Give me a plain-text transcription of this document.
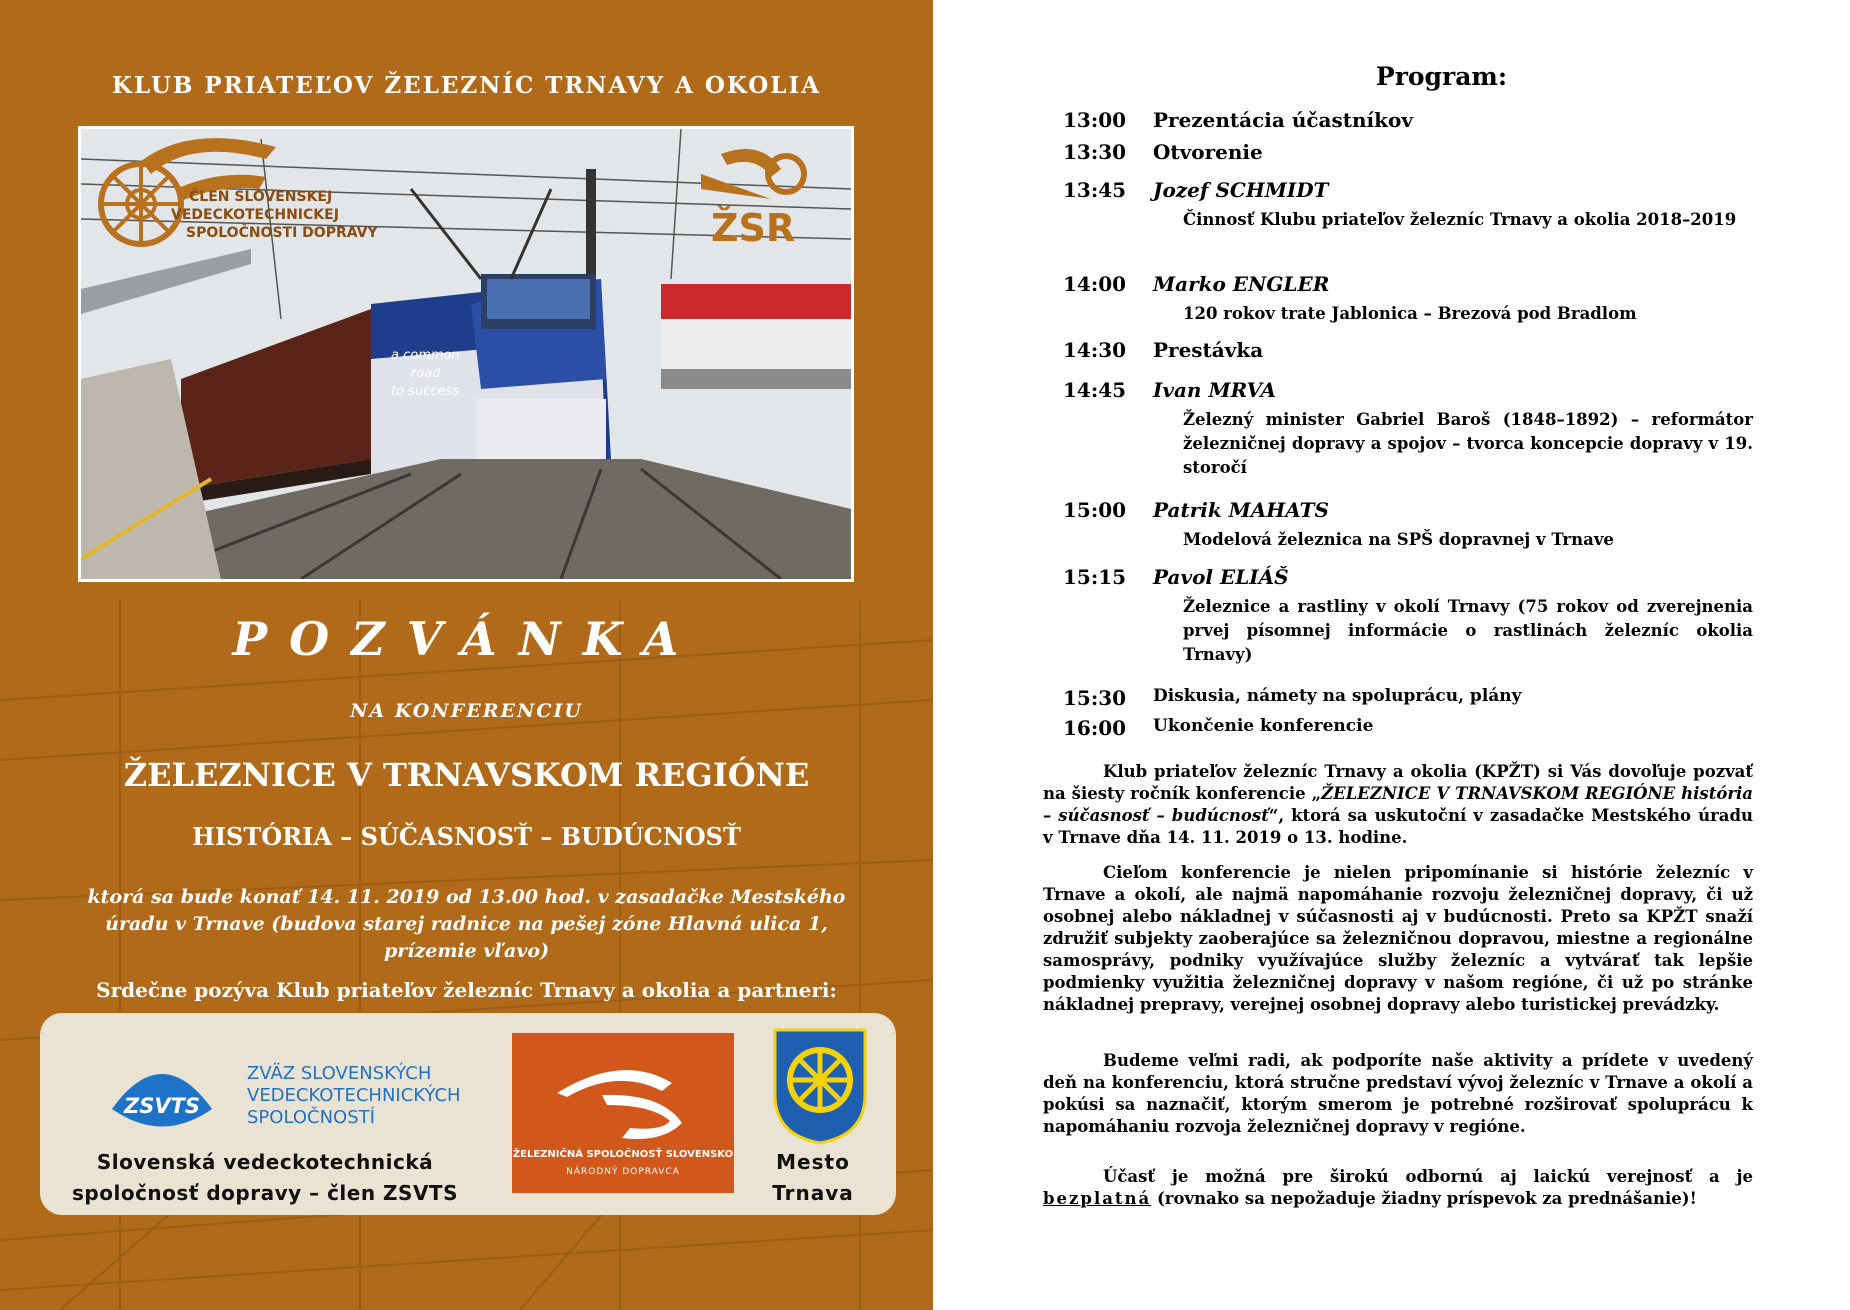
KLUB PRIATEĽOV ŽELEZNÍC TRNAVY A OKOLIA
a common
road
to success
ČLEN SLOVENSKEJ
VEDECKOTECHNICKEJ
SPOLOČNOSTI DOPRAVY	ŽSR
POZVÁNKA
NA KONFERENCIU
ŽELEZNICE V TRNAVSKOM REGIÓNE
HISTÓRIA – SÚČASNOSŤ – BUDÚCNOSŤ
ktorá sa bude konať 14. 11. 2019 od 13.00 hod. v zasadačke Mestského úradu v Trnave (budova starej radnice na pešej zóne Hlavná ulica 1, prízemie vľavo)
Srdečne pozýva Klub priateľov železníc Trnavy a okolia a partneri:
ZSVTS
ZVÄZ SLOVENSKÝCH
VEDECKOTECHNICKÝCH
SPOLOČNOSTÍ
Slovenská vedeckotechnická
spoločnosť dopravy – člen ZSVTS
ŽELEZNIČNÁ SPOLOČNOSŤ SLOVENSKO
NÁRODNÝ DOPRAVCA	Mesto
Trnava
Program:
13:00	Prezentácia účastníkov
13:30	Otvorenie
13:45	Jozef SCHMIDT
Činnosť Klubu priateľov železníc Trnavy a okolia 2018–2019
14:00	Marko ENGLER
120 rokov trate Jablonica – Brezová pod Bradlom
14:30	Prestávka
14:45	Ivan MRVA
Železný minister Gabriel Baroš (1848–1892) – reformátor železničnej dopravy a spojov – tvorca koncepcie dopravy v 19. storočí
15:00	Patrik MAHATS
Modelová železnica na SPŠ dopravnej v Trnave
15:15	Pavol ELIÁŠ
Železnice a rastliny v okolí Trnavy (75 rokov od zverejnenia prvej písomnej informácie o rastlinách železníc okolia Trnavy)
15:30	Diskusia, námety na spoluprácu, plány
16:00	Ukončenie konferencie
Klub priateľov železníc Trnavy a okolia (KPŽT) si Vás dovoľuje pozvať na šiesty ročník konferencie „ŽELEZNICE V TRNAVSKOM REGIÓNE história – súčasnosť – budúcnosť“, ktorá sa uskutoční v zasadačke Mestského úradu v Trnave dňa 14. 11. 2019 o 13. hodine.
Cieľom konferencie je nielen pripomínanie si histórie železníc v Trnave a okolí, ale najmä napomáhanie rozvoju železničnej dopravy, či už osobnej alebo nákladnej v súčasnosti aj v budúcnosti. Preto sa KPŽT snaží združiť subjekty zaoberajúce sa železničnou dopravou, miestne a regionálne samosprávy, podniky využívajúce služby železníc a vytvárať tak lepšie podmienky využitia železničnej dopravy v našom regióne, či už po stránke nákladnej prepravy, verejnej osobnej dopravy alebo turistickej prevádzky.
Budeme veľmi radi, ak podporíte naše aktivity a prídete v uvedený deň na konferenciu, ktorá stručne predstaví vývoj železníc v Trnave a okolí a pokúsi sa naznačiť, ktorým smerom je potrebné rozširovať spoluprácu k napomáhaniu rozvoja železničnej dopravy v regióne.
Účasť je možná pre širokú odbornú aj laickú verejnosť a je bezplatná (rovnako sa nepožaduje žiadny príspevok za prednášanie)!
